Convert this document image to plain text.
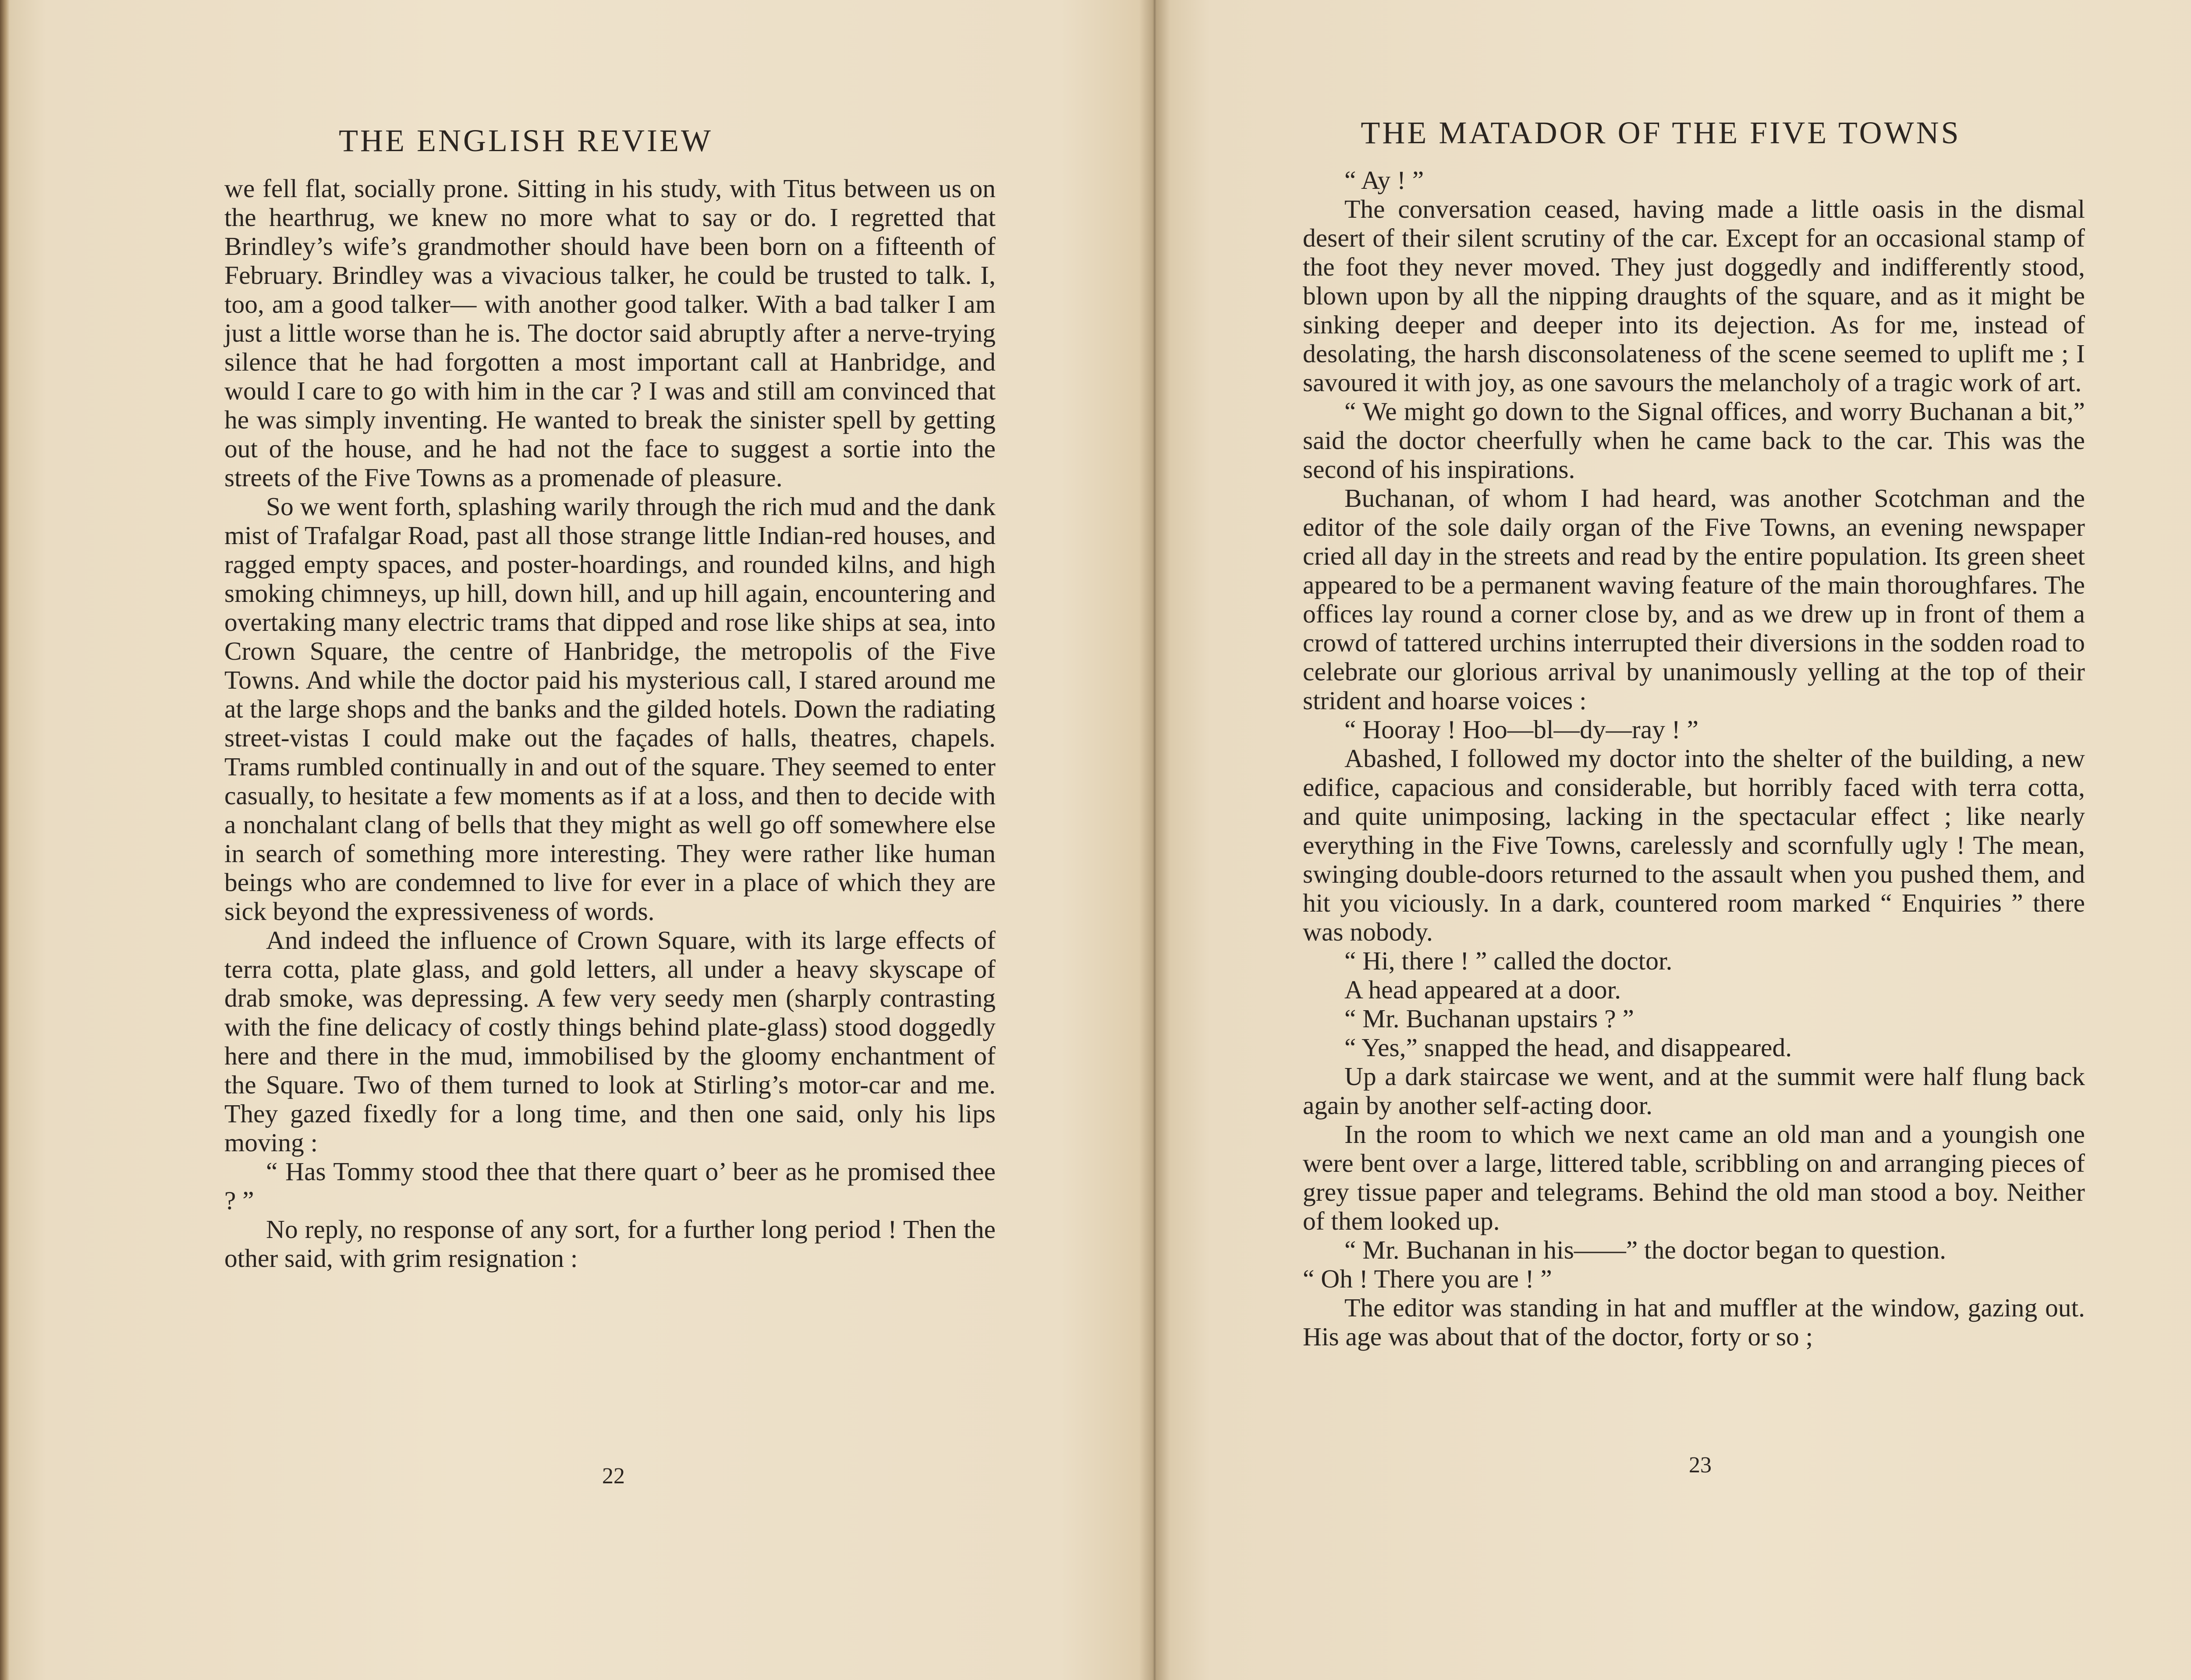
THE ENGLISH REVIEW

we fell flat, socially prone. Sitting in his study, with Titus between us on the hearthrug, we knew no more what to say or do. I regretted that Brindley’s wife’s grandmother should have been born on a fifteenth of February. Brindley was a vivacious talker, he could be trusted to talk. I, too, am a good talker— with another good talker. With a bad talker I am just a little worse than he is. The doctor said abruptly after a nerve-trying silence that he had forgotten a most important call at Hanbridge, and would I care to go with him in the car ? I was and still am convinced that he was simply inventing. He wanted to break the sinister spell by getting out of the house, and he had not the face to suggest a sortie into the streets of the Five Towns as a promenade of pleasure.

So we went forth, splashing warily through the rich mud and the dank mist of Trafalgar Road, past all those strange little Indian-red houses, and ragged empty spaces, and poster-hoardings, and rounded kilns, and high smoking chimneys, up hill, down hill, and up hill again, encountering and overtaking many electric trams that dipped and rose like ships at sea, into Crown Square, the centre of Hanbridge, the metropolis of the Five Towns. And while the doctor paid his mysterious call, I stared around me at the large shops and the banks and the gilded hotels. Down the radiating street-vistas I could make out the façades of halls, theatres, chapels. Trams rumbled continually in and out of the square. They seemed to enter casually, to hesitate a few moments as if at a loss, and then to decide with a nonchalant clang of bells that they might as well go off somewhere else in search of something more interesting. They were rather like human beings who are condemned to live for ever in a place of which they are sick beyond the expressiveness of words.

And indeed the influence of Crown Square, with its large effects of terra cotta, plate glass, and gold letters, all under a heavy skyscape of drab smoke, was depressing. A few very seedy men (sharply contrasting with the fine delicacy of costly things behind plate-glass) stood doggedly here and there in the mud, immobilised by the gloomy enchantment of the Square. Two of them turned to look at Stirling’s motor-car and me. They gazed fixedly for a long time, and then one said, only his lips moving :

“ Has Tommy stood thee that there quart o’ beer as he promised thee ? ”

No reply, no response of any sort, for a further long period ! Then the other said, with grim resignation :

22
THE MATADOR OF THE FIVE TOWNS

“ Ay ! ”

The conversation ceased, having made a little oasis in the dismal desert of their silent scrutiny of the car. Except for an occasional stamp of the foot they never moved. They just doggedly and indifferently stood, blown upon by all the nipping draughts of the square, and as it might be sinking deeper and deeper into its dejection. As for me, instead of desolating, the harsh disconsolateness of the scene seemed to uplift me ; I savoured it with joy, as one savours the melancholy of a tragic work of art.

“ We might go down to the Signal offices, and worry Buchanan a bit,” said the doctor cheerfully when he came back to the car. This was the second of his inspirations.

Buchanan, of whom I had heard, was another Scotchman and the editor of the sole daily organ of the Five Towns, an evening newspaper cried all day in the streets and read by the entire population. Its green sheet appeared to be a permanent waving feature of the main thoroughfares. The offices lay round a corner close by, and as we drew up in front of them a crowd of tattered urchins interrupted their diversions in the sodden road to celebrate our glorious arrival by unanimously yelling at the top of their strident and hoarse voices :

“ Hooray ! Hoo—bl—dy—ray ! ”

Abashed, I followed my doctor into the shelter of the building, a new edifice, capacious and considerable, but horribly faced with terra cotta, and quite unimposing, lacking in the spectacular effect ; like nearly everything in the Five Towns, carelessly and scornfully ugly ! The mean, swinging double-doors returned to the assault when you pushed them, and hit you viciously. In a dark, countered room marked “ Enquiries ” there was nobody.

“ Hi, there ! ” called the doctor.

A head appeared at a door.

“ Mr. Buchanan upstairs ? ”

“ Yes,” snapped the head, and disappeared.

Up a dark staircase we went, and at the summit were half flung back again by another self-acting door.

In the room to which we next came an old man and a youngish one were bent over a large, littered table, scribbling on and arranging pieces of grey tissue paper and telegrams. Behind the old man stood a boy. Neither of them looked up.

“ Mr. Buchanan in his——” the doctor began to question.

“ Oh ! There you are ! ”

The editor was standing in hat and muffler at the window, gazing out. His age was about that of the doctor, forty or so ;

23
